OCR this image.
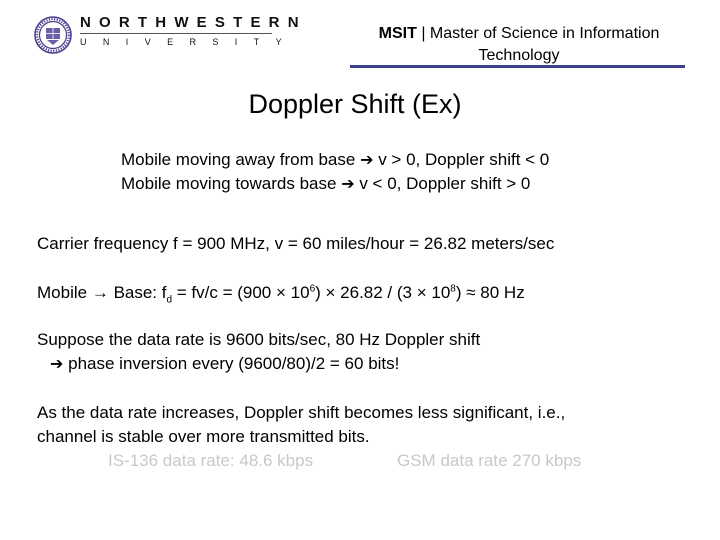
NORTHWESTERN
UNIVERSITY	MSIT | Master of Science in Information Technology
Doppler Shift (Ex)
Mobile moving away from base ➔ v > 0, Doppler shift < 0
Mobile moving towards base ➔ v < 0, Doppler shift > 0
Carrier frequency f = 900 MHz, v = 60 miles/hour = 26.82 meters/sec
Mobile → Base: $f_d = fv/c = (900 \times 10^6) \times 26.82 / (3 \times 10^8) \approx 80$ Hz
Suppose the data rate is 9600 bits/sec, 80 Hz Doppler shift
➔ phase inversion every (9600/80)/2 = 60 bits!
As the data rate increases, Doppler shift becomes less significant, i.e.,
channel is stable over more transmitted bits.
IS-136 data rate: 48.6 kbps	GSM data rate 270 kbps
